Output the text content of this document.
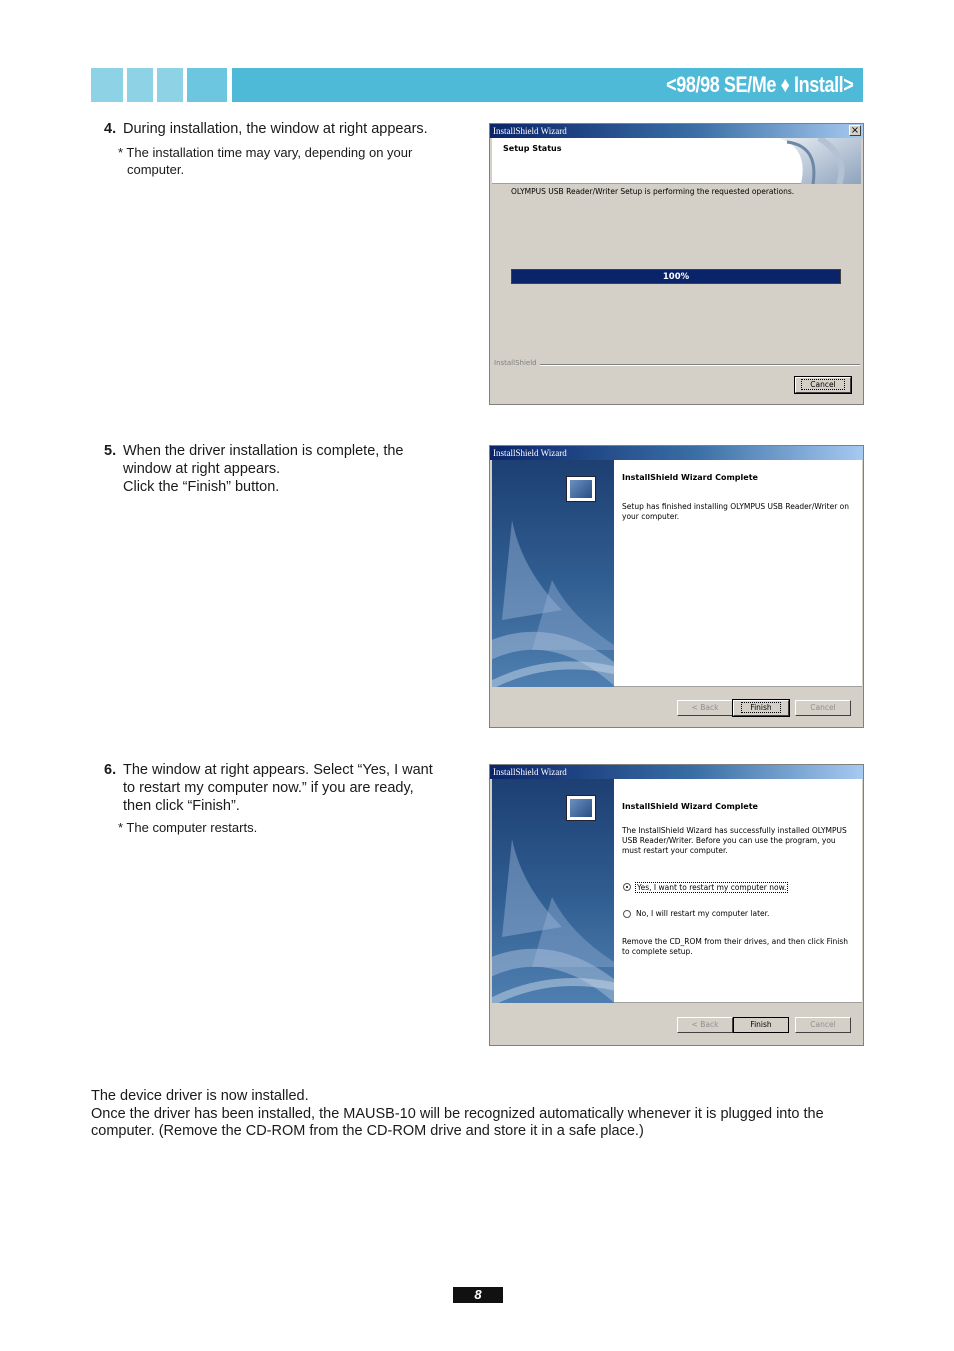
<98/98 SE/Me ♦ Install>
4. During installation, the window at right appears.

* The installation time may vary, depending on your

computer.

InstallShield Wizard	×
Setup Status
OLYMPUS USB Reader/Writer Setup is performing the requested operations.
100%
InstallShield
Cancel
5. When the driver installation is complete, the

window at right appears.

Click the “Finish” button.

InstallShield Wizard
InstallShield Wizard Complete
Setup has finished installing OLYMPUS USB Reader/Writer on your computer.
< Back	Finish	Cancel
6. The window at right appears. Select “Yes, I want

to restart my computer now.” if you are ready,

then click “Finish”.

* The computer restarts.

InstallShield Wizard
InstallShield Wizard Complete
The InstallShield Wizard has successfully installed OLYMPUS USB Reader/Writer. Before you can use the program, you must restart your computer.
Yes, I want to restart my computer now.
No, I will restart my computer later.
Remove the CD_ROM from their drives, and then click Finish to complete setup.
< Back	Finish	Cancel

The device driver is now installed.

Once the driver has been installed, the MAUSB-10 will be recognized automatically whenever it is plugged into the computer. (Remove the CD-ROM from the CD-ROM drive and store it in a safe place.)

8
